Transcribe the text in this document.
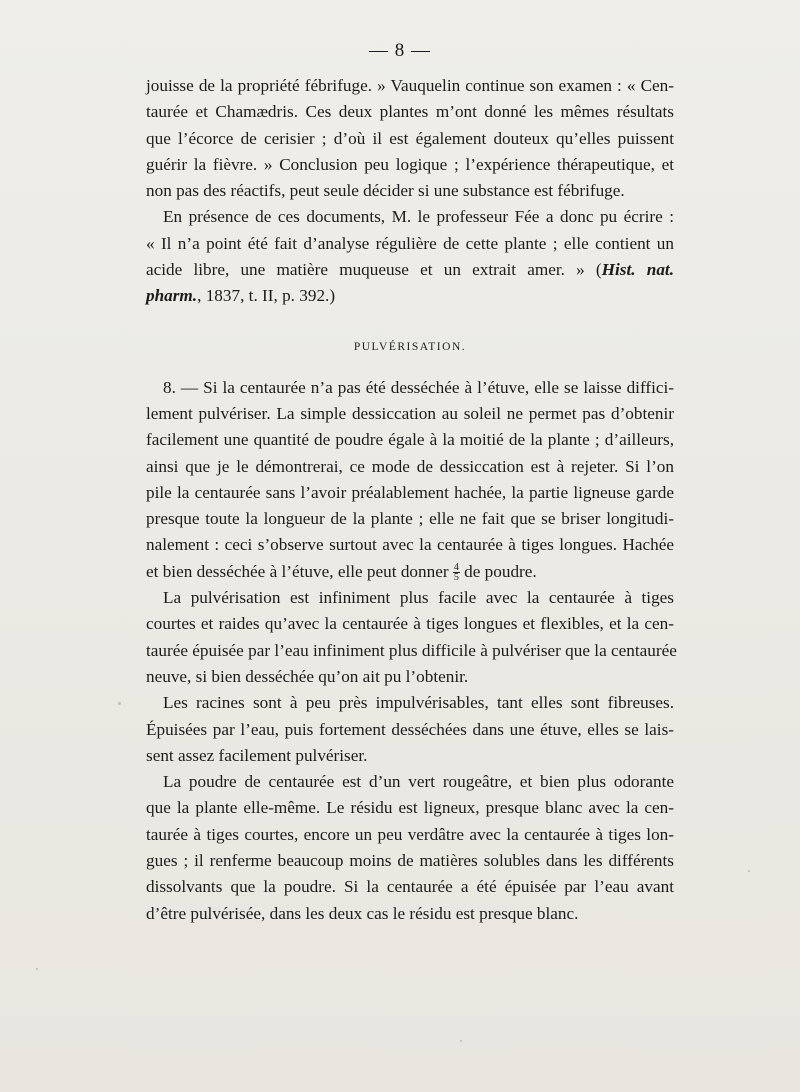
— 8 —
jouisse de la propriété fébrifuge. » Vauquelin continue son examen : « Cen-
taurée et Chamædris. Ces deux plantes m’ont donné les mêmes résultats
que l’écorce de cerisier ; d’où il est également douteux qu’elles puissent
guérir la fièvre. » Conclusion peu logique ; l’expérience thérapeutique, et
non pas des réactifs, peut seule décider si une substance est fébrifuge.
En présence de ces documents, M. le professeur Fée a donc pu écrire :
« Il n’a point été fait d’analyse régulière de cette plante ; elle contient un
acide libre, une matière muqueuse et un extrait amer. » (Hist. nat.
pharm., 1837, t. II, p. 392.)
PULVÉRISATION.
8. — Si la centaurée n’a pas été desséchée à l’étuve, elle se laisse diffici-
lement pulvériser. La simple dessiccation au soleil ne permet pas d’obtenir
facilement une quantité de poudre égale à la moitié de la plante ; d’ailleurs,
ainsi que je le démontrerai, ce mode de dessiccation est à rejeter. Si l’on
pile la centaurée sans l’avoir préalablement hachée, la partie ligneuse garde
presque toute la longueur de la plante ; elle ne fait que se briser longitudi-
nalement : ceci s’observe surtout avec la centaurée à tiges longues. Hachée
et bien desséchée à l’étuve, elle peut donner $\frac{4}{5}$ de poudre.
La pulvérisation est infiniment plus facile avec la centaurée à tiges
courtes et raides qu’avec la centaurée à tiges longues et flexibles, et la cen-
taurée épuisée par l’eau infiniment plus difficile à pulvériser que la centaurée
neuve, si bien desséchée qu’on ait pu l’obtenir.
Les racines sont à peu près impulvérisables, tant elles sont fibreuses.
Épuisées par l’eau, puis fortement desséchées dans une étuve, elles se lais-
sent assez facilement pulvériser.
La poudre de centaurée est d’un vert rougeâtre, et bien plus odorante
que la plante elle-même. Le résidu est ligneux, presque blanc avec la cen-
taurée à tiges courtes, encore un peu verdâtre avec la centaurée à tiges lon-
gues ; il renferme beaucoup moins de matières solubles dans les différents
dissolvants que la poudre. Si la centaurée a été épuisée par l’eau avant
d’être pulvérisée, dans les deux cas le résidu est presque blanc.
